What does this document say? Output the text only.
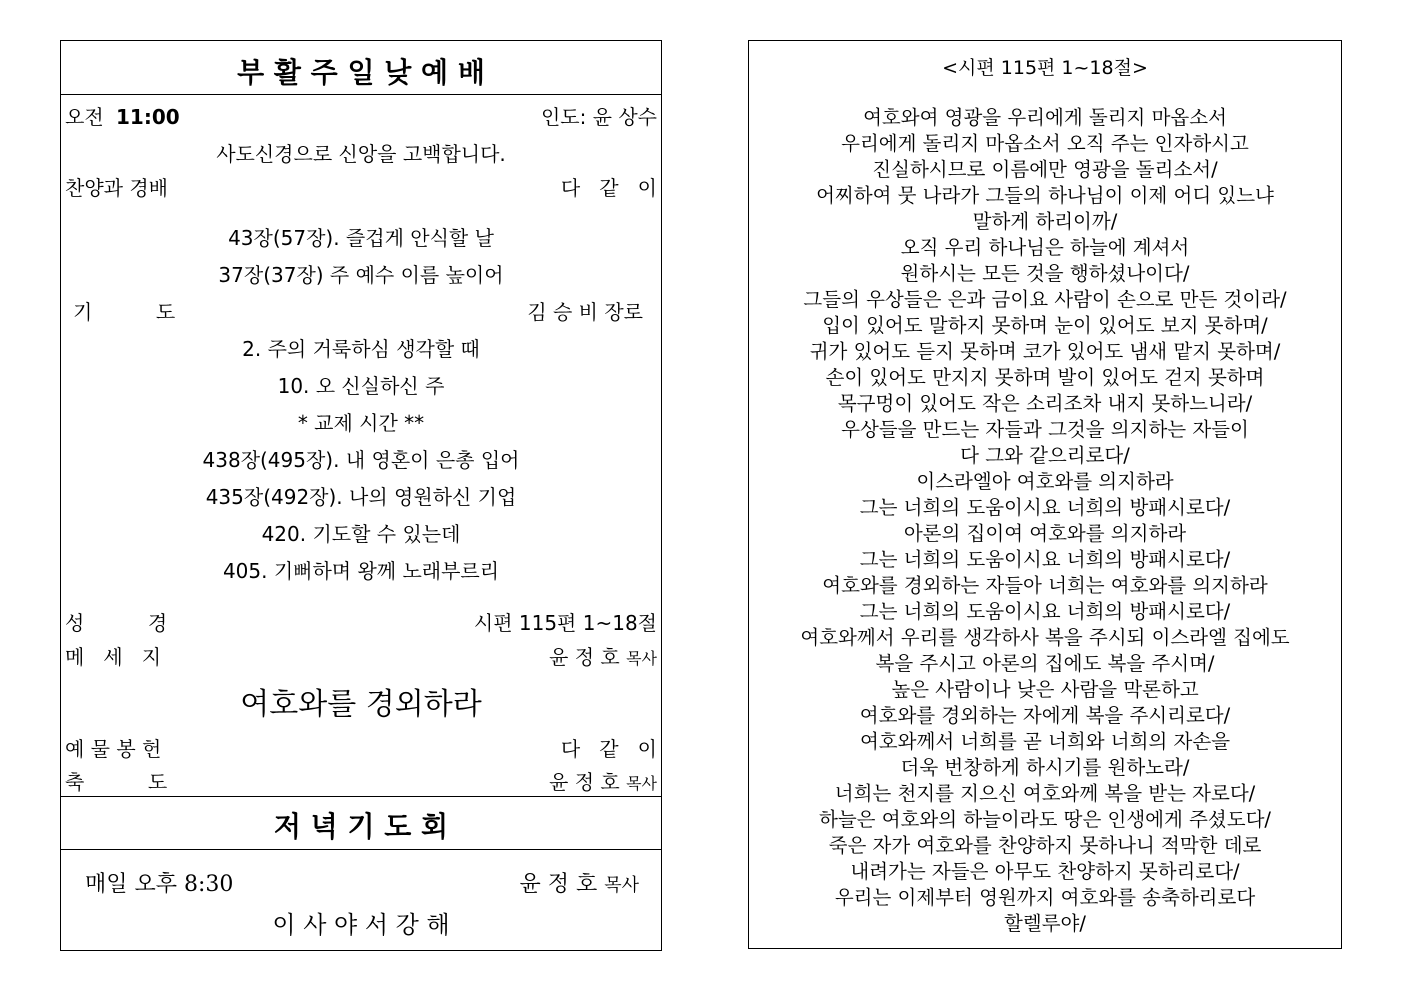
부 활 주 일 낮 예 배
오전 11:00	인도: 윤 상수
사도신경으로 신앙을 고백합니다.
찬양과 경배	다   같   이
43장(57장). 즐겁게 안식할 날
37장(37장) 주 예수 이름 높이어
기          도	김 승 비 장로
2. 주의 거룩하심 생각할 때
10. 오 신실하신 주
* 교제 시간 **
438장(495장). 내 영혼이 은총 입어
435장(492장). 나의 영원하신 기업
420. 기도할 수 있는데
405. 기뻐하며 왕께 노래부르리
성          경	시편 115편 1~18절
메   세   지	윤 정 호 목사
여호와를 경외하라
예 물 봉 헌	다   같   이
축          도	윤 정 호 목사
저 녁 기 도 회
매일 오후 8:30	윤 정 호 목사
이 사 야 서 강 해
<시편 115편 1~18절>
여호와여 영광을 우리에게 돌리지 마옵소서
우리에게 돌리지 마옵소서 오직 주는 인자하시고
진실하시므로 이름에만 영광을 돌리소서/
어찌하여 뭇 나라가 그들의 하나님이 이제 어디 있느냐
말하게 하리이까/
오직 우리 하나님은 하늘에 계셔서
원하시는 모든 것을 행하셨나이다/
그들의 우상들은 은과 금이요 사람이 손으로 만든 것이라/
입이 있어도 말하지 못하며 눈이 있어도 보지 못하며/
귀가 있어도 듣지 못하며 코가 있어도 냄새 맡지 못하며/
손이 있어도 만지지 못하며 발이 있어도 걷지 못하며
목구멍이 있어도 작은 소리조차 내지 못하느니라/
우상들을 만드는 자들과 그것을 의지하는 자들이
다 그와 같으리로다/
이스라엘아 여호와를 의지하라
그는 너희의 도움이시요 너희의 방패시로다/
아론의 집이여 여호와를 의지하라
그는 너희의 도움이시요 너희의 방패시로다/
여호와를 경외하는 자들아 너희는 여호와를 의지하라
그는 너희의 도움이시요 너희의 방패시로다/
여호와께서 우리를 생각하사 복을 주시되 이스라엘 집에도
복을 주시고 아론의 집에도 복을 주시며/
높은 사람이나 낮은 사람을 막론하고
여호와를 경외하는 자에게 복을 주시리로다/
여호와께서 너희를 곧 너희와 너희의 자손을
더욱 번창하게 하시기를 원하노라/
너희는 천지를 지으신 여호와께 복을 받는 자로다/
하늘은 여호와의 하늘이라도 땅은 인생에게 주셨도다/
죽은 자가 여호와를 찬양하지 못하나니 적막한 데로
내려가는 자들은 아무도 찬양하지 못하리로다/
우리는 이제부터 영원까지 여호와를 송축하리로다
할렐루야/
